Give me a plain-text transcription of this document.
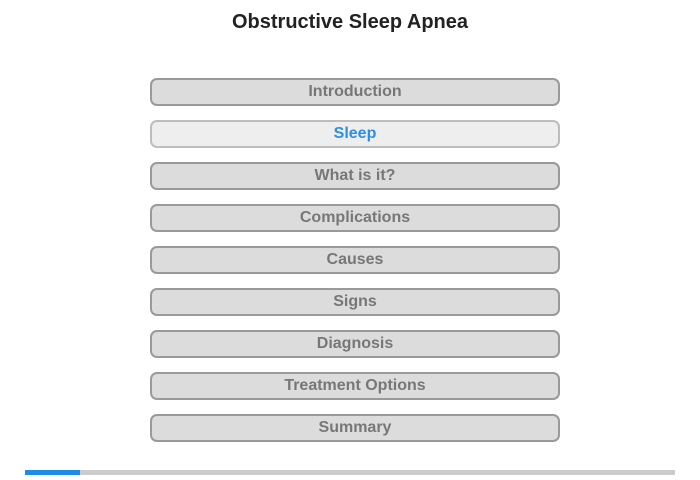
Obstructive Sleep Apnea
Introduction
Sleep
What is it?
Complications
Causes
Signs
Diagnosis
Treatment Options
Summary
